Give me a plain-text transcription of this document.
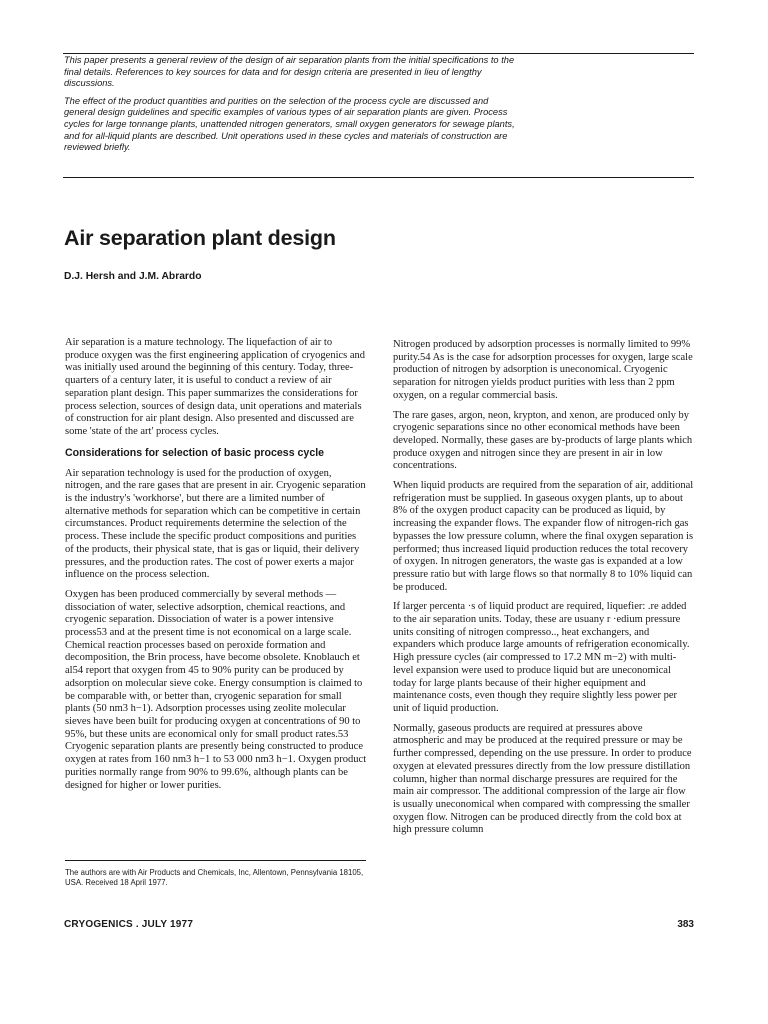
This paper presents a general review of the design of air separation plants from the initial specifications to the final details. References to key sources for data and for design criteria are presented in lieu of lengthy discussions.

The effect of the product quantities and purities on the selection of the process cycle are discussed and general design guidelines and specific examples of various types of air separation plants are given. Process cycles for large tonnange plants, unattended nitrogen generators, small oxygen generators for sewage plants, and for all-liquid plants are described. Unit operations used in these cycles and materials of construction are reviewed briefly.

Air separation plant design

D.J. Hersh and J.M. Abrardo

Air separation is a mature technology. The liquefaction of air to produce oxygen was the first engineering application of cryogenics and was initially used around the beginning of this century. Today, three-quarters of a century later, it is useful to conduct a review of air separation plant design. This paper summarizes the considerations for process selection, sources of design data, unit operations and materials of construction for air plant design. Also presented and discussed are some 'state of the art' process cycles.

Considerations for selection of basic process cycle

Air separation technology is used for the production of oxygen, nitrogen, and the rare gases that are present in air. Cryogenic separation is the industry's 'workhorse', but there are a limited number of alternative methods for separation which can be competitive in certain circumstances. Product requirements determine the selection of the process. These include the specific product compositions and purities of the products, their physical state, that is gas or liquid, their delivery pressures, and the production rates. The cost of power exerts a major influence on the process selection.

Oxygen has been produced commercially by several methods — dissociation of water, selective adsorption, chemical reactions, and cryogenic separation. Dissociation of water is a power intensive process53 and at the present time is not economical on a large scale. Chemical reaction processes based on peroxide formation and decomposition, the Brin process, have become obsolete. Knoblauch et al54 report that oxygen from 45 to 90% purity can be produced by adsorption on molecular sieve coke. Energy consumption is claimed to be comparable with, or better than, cryogenic separation for small plants (50 nm3 h−1). Adsorption processes using zeolite molecular sieves have been built for producing oxygen at concentrations of 90 to 95%, but these units are economical only for small product rates.53 Cryogenic separation plants are presently being constructed to produce oxygen at rates from 160 nm3 h−1 to 53 000 nm3 h−1. Oxygen product purities normally range from 90% to 99.6%, although plants can be designed for higher or lower purities.

The authors are with Air Products and Chemicals, Inc, Allentown, Pennsylvania 18105, USA. Received 18 April 1977.

Nitrogen produced by adsorption processes is normally limited to 99% purity.54 As is the case for adsorption processes for oxygen, large scale production of nitrogen by adsorption is uneconomical. Cryogenic separation for nitrogen yields product purities with less than 2 ppm oxygen, on a regular commercial basis.

The rare gases, argon, neon, krypton, and xenon, are produced only by cryogenic separations since no other economical methods have been developed. Normally, these gases are by-products of large plants which produce oxygen and nitrogen since they are present in air in low concentrations.

When liquid products are required from the separation of air, additional refrigeration must be supplied. In gaseous oxygen plants, up to about 8% of the oxygen product capacity can be produced as liquid, by increasing the expander flows. The expander flow of nitrogen-rich gas bypasses the low pressure column, where the final oxygen separation is performed; thus increased liquid production reduces the total recovery of oxygen. In nitrogen generators, the waste gas is expanded at a low pressure ratio but with large flows so that normally 8 to 10% liquid can be produced.

If larger percenta ·s of liquid product are required, liquefier: .re added to the air separation units. Today, these are usuany r ·edium pressure units consiting of nitrogen compresso.., heat exchangers, and expanders which produce large amounts of refrigeration economically. High pressure cycles (air compressed to 17.2 MN m−2) with multi-level expansion were used to produce liquid but are uneconomical today for large plants because of their higher equipment and maintenance costs, even though they require slightly less power per unit of liquid production.

Normally, gaseous products are required at pressures above atmospheric and may be produced at the required pressure or may be further compressed, depending on the use pressure. In order to produce oxygen at elevated pressures directly from the low pressure distillation column, higher than normal discharge pressures are required for the main air compressor. The additional compression of the large air flow is usually uneconomical when compared with compressing the smaller oxygen flow. Nitrogen can be produced directly from the cold box at high pressure column

CRYOGENICS . JULY 1977	383
